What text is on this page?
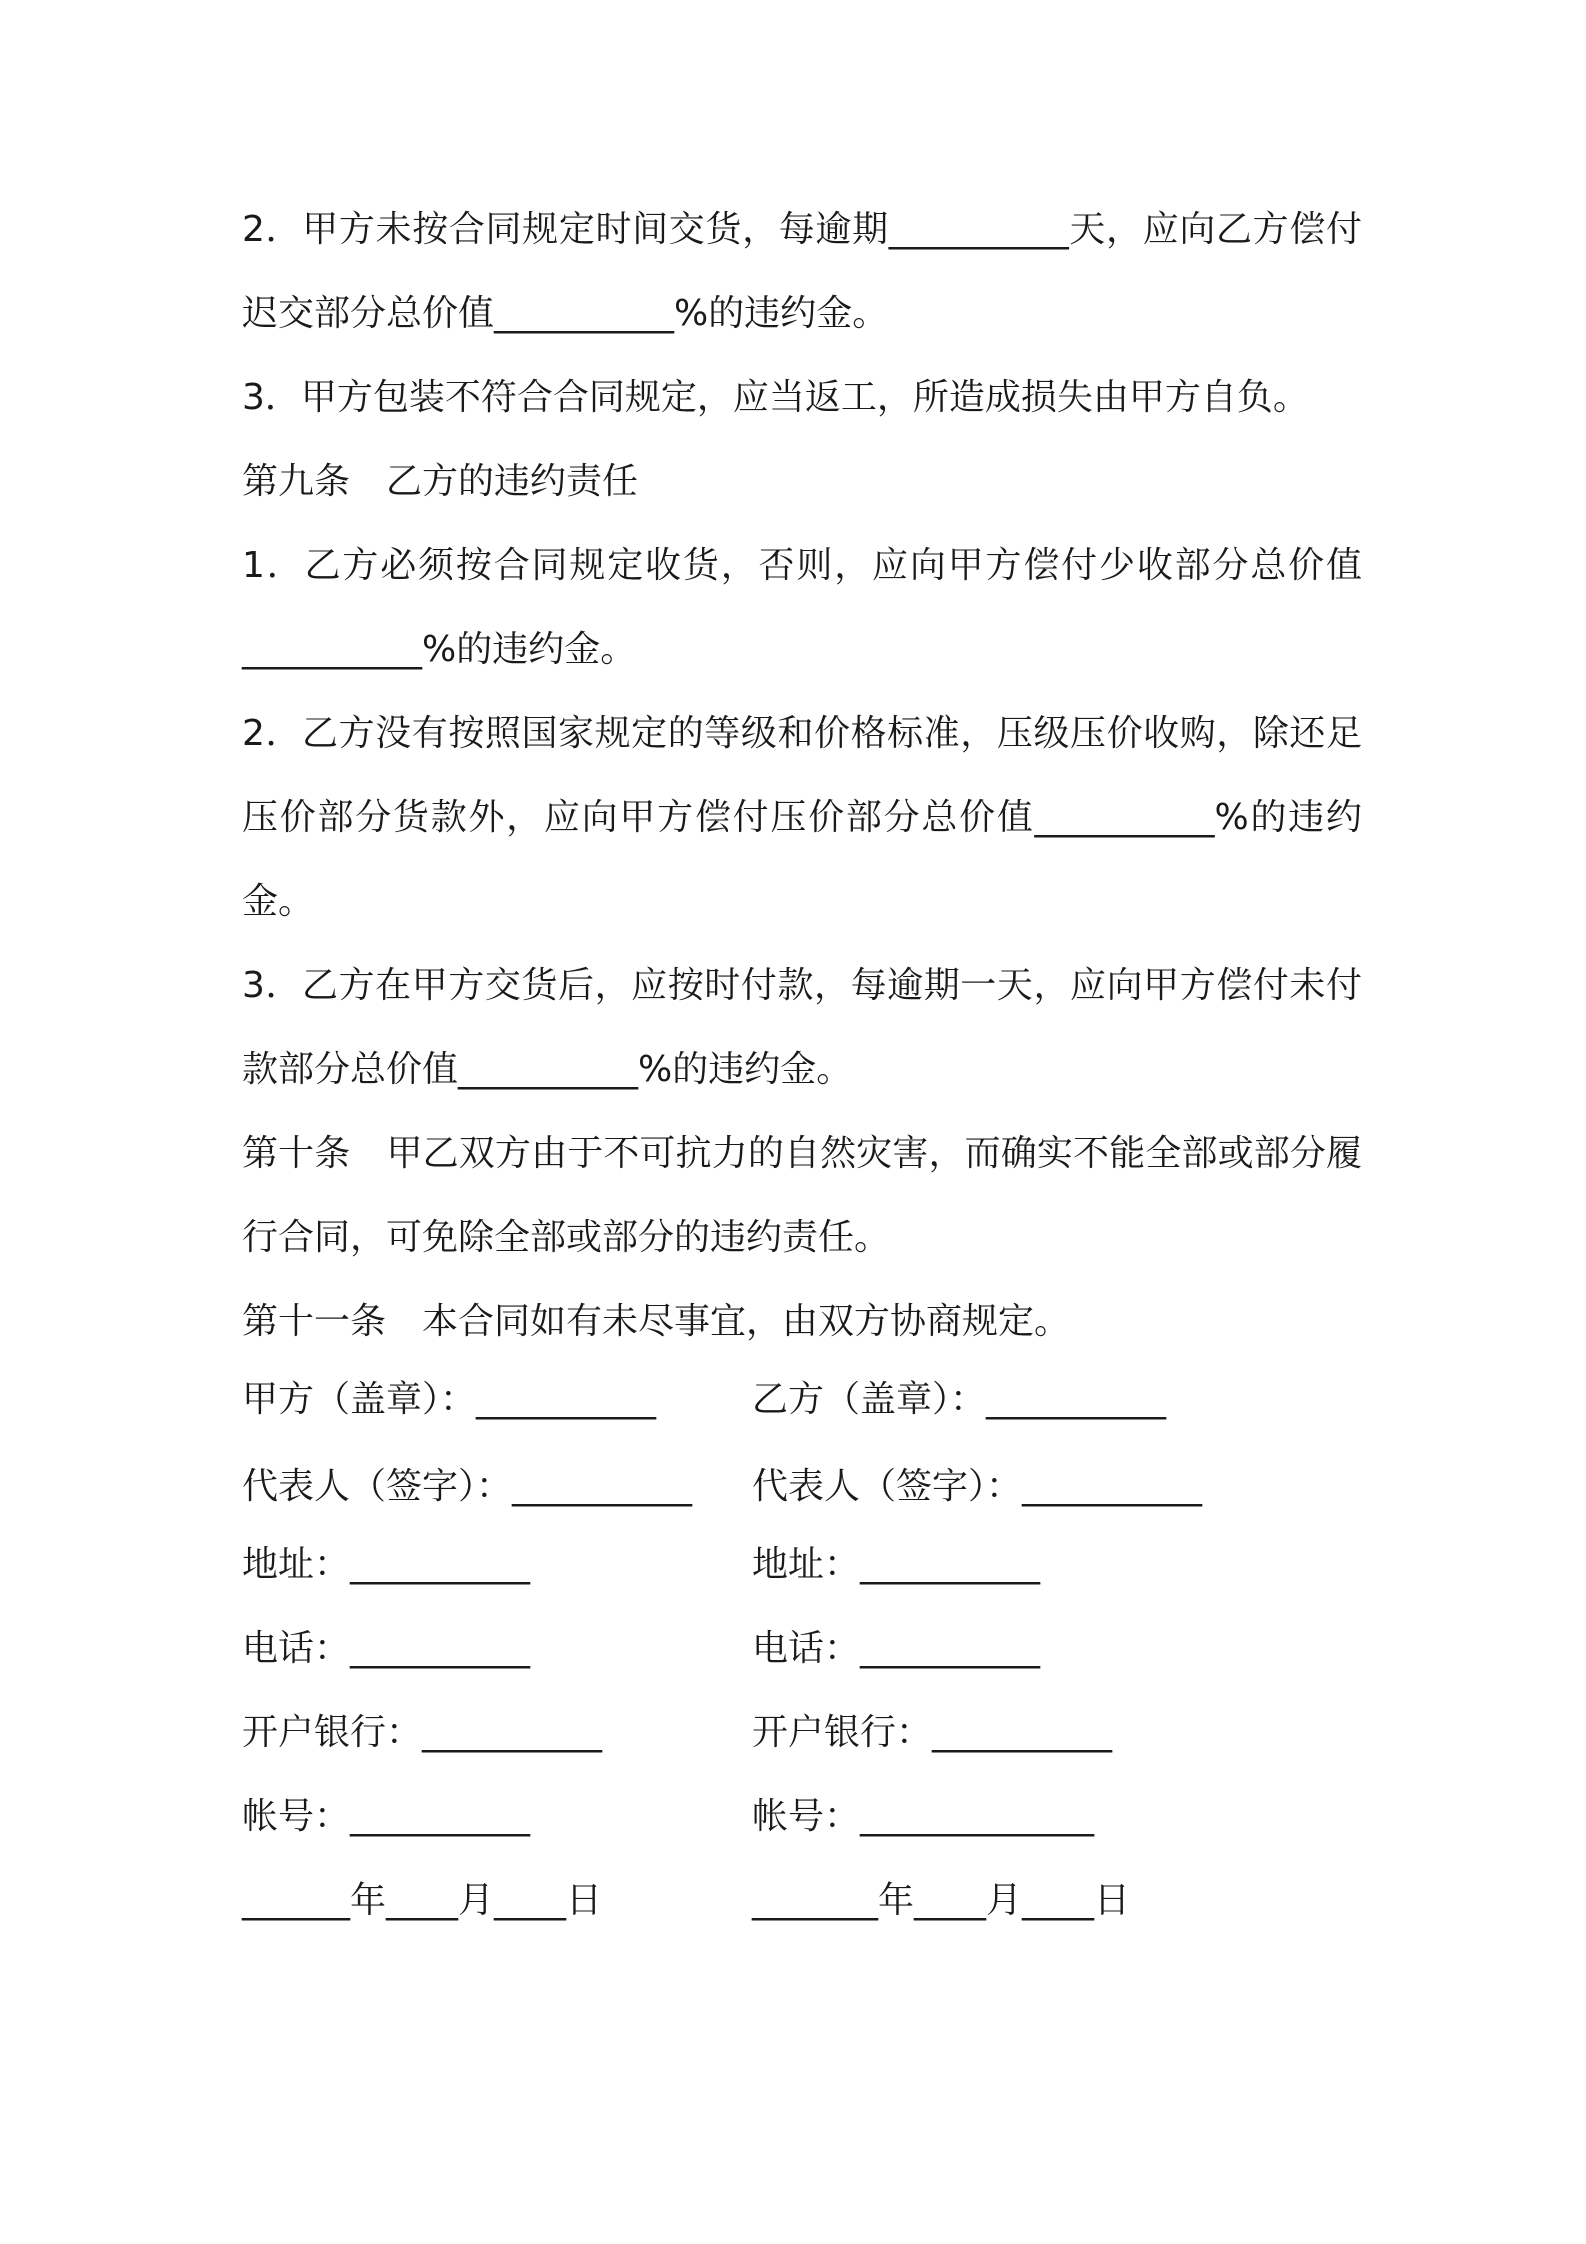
2．甲方未按合同规定时间交货，每逾期__________天，应向乙方偿付迟交部分总价值__________%的违约金。

3．甲方包装不符合合同规定，应当返工，所造成损失由甲方自负。

第九条　乙方的违约责任

1．乙方必须按合同规定收货，否则，应向甲方偿付少收部分总价值__________%的违约金。

2．乙方没有按照国家规定的等级和价格标准，压级压价收购，除还足压价部分货款外，应向甲方偿付压价部分总价值__________%的违约金。

3．乙方在甲方交货后，应按时付款，每逾期一天，应向甲方偿付未付款部分总价值__________%的违约金。

第十条　甲乙双方由于不可抗力的自然灾害，而确实不能全部或部分履行合同，可免除全部或部分的违约责任。

第十一条　本合同如有未尽事宜，由双方协商规定。

甲方（盖章）：__________	乙方（盖章）：__________

代表人（签字）：__________ 代表人（签字）：__________

地址：__________	地址：__________

电话：__________	电话：__________

开户银行：__________	开户银行：__________

帐号：__________	帐号：_____________

______年____月____日	_______年____月____日
